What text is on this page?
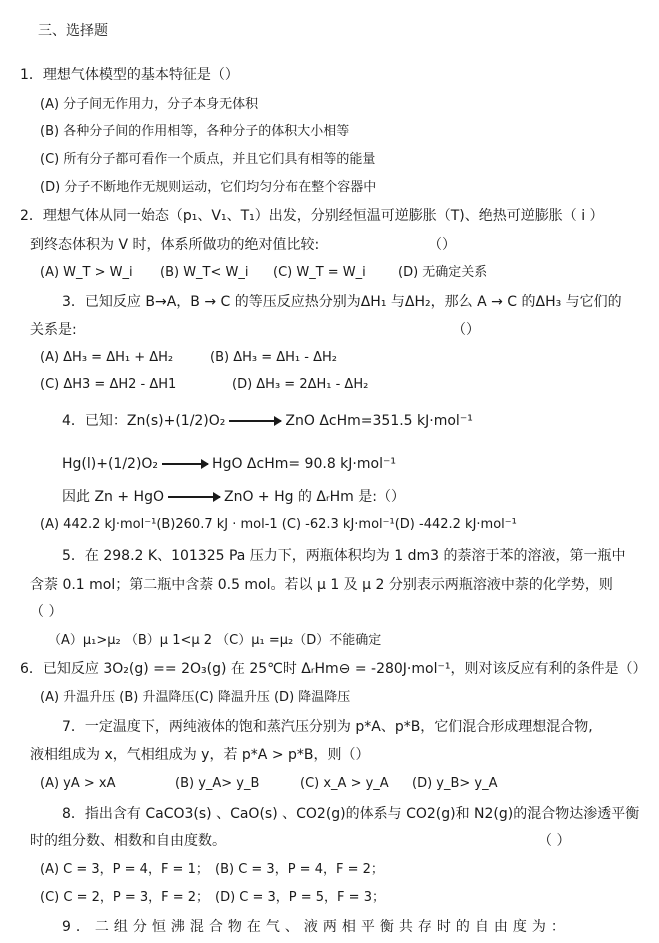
三、选择题
1．理想气体模型的基本特征是（）
(A) 分子间无作用力，分子本身无体积
(B) 各种分子间的作用相等，各种分子的体积大小相等
(C) 所有分子都可看作一个质点，并且它们具有相等的能量
(D) 分子不断地作无规则运动，它们均匀分布在整个容器中
2．理想气体从同一始态（p₁、V₁、T₁）出发，分别经恒温可逆膨胀（T)、绝热可逆膨胀（ i ）
到终态体积为 V 时，体系所做功的绝对值比较:	（）
(A) W_T > W_i (B) W_T< W_i (C) W_T = W_i (D) 无确定关系
3．已知反应 B→A，B → C 的等压反应热分别为ΔH₁ 与ΔH₂，那么 A → C 的ΔH₃ 与它们的
关系是:	（）
(A) ΔH₃ = ΔH₁ + ΔH₂	(B) ΔH₃ = ΔH₁ - ΔH₂
(C) ΔH3 = ΔH2 - ΔH1	(D) ΔH₃ = 2ΔH₁ - ΔH₂
4．已知：Zn(s)+(1/2)O₂ → ZnO ΔcHm=351.5 kJ·mol⁻¹
Hg(l)+(1/2)O₂ → HgO ΔcHm= 90.8 kJ·mol⁻¹
因此 Zn + HgO → ZnO + Hg 的 ΔᵣHm 是:（）
(A) 442.2 kJ·mol⁻¹(B)260.7 kJ · mol-1 (C) -62.3 kJ·mol⁻¹(D) -442.2 kJ·mol⁻¹
5．在 298.2 K、101325 Pa 压力下，两瓶体积均为 1 dm3 的萘溶于苯的溶液，第一瓶中
含萘 0.1 mol；第二瓶中含萘 0.5 mol。若以 μ 1 及 μ 2 分别表示两瓶溶液中萘的化学势，则
（ ）
（A）μ₁>μ₂ （B）μ 1<μ 2 （C）μ₁ =μ₂（D）不能确定
6．已知反应 3O₂(g) == 2O₃(g) 在 25℃时 ΔᵣHm⊖ = -280J·mol⁻¹，则对该反应有利的条件是（）
(A) 升温升压 (B) 升温降压(C) 降温升压 (D) 降温降压
7．一定温度下，两纯液体的饱和蒸汽压分别为 p*A、p*B，它们混合形成理想混合物,
液相组成为 x，气相组成为 y，若 p*A > p*B，则（）
(A) yA > xA	(B) y_A> y_B	(C) x_A > y_A (D) y_B> y_A
8．指出含有 CaCO3(s) 、CaO(s) 、CO2(g)的体系与 CO2(g)和 N2(g)的混合物达渗透平衡
时的组分数、相数和自由度数。	（ ）
(A) C = 3，P = 4，F = 1； (B) C = 3，P = 4，F = 2；
(C) C = 2，P = 3，F = 2； (D) C = 3，P = 5，F = 3；
9．二组分恒沸混合物在气、液两相平衡共存时的自由度为：
